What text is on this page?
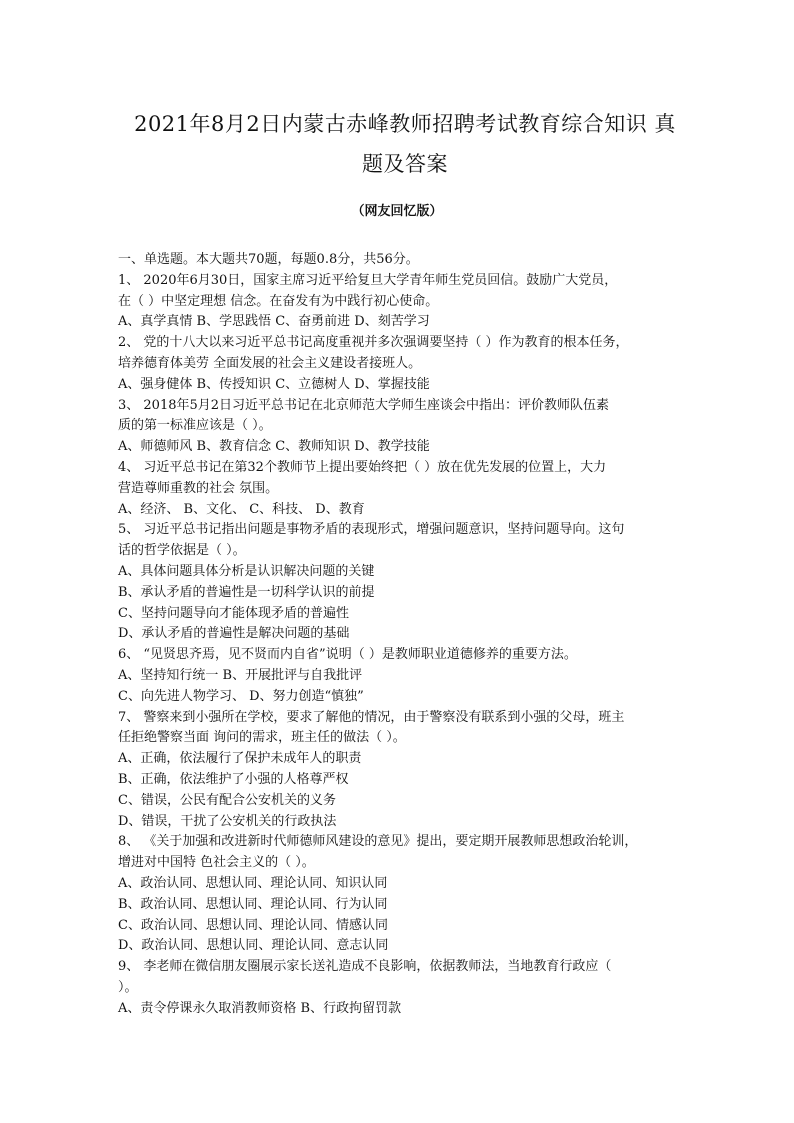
2021年8月2日内蒙古赤峰教师招聘考试教育综合知识 真
题及答案
（网友回忆版）
一、单选题。本大题共70题，每题0.8分，共56分。
1、 2020年6月30日，国家主席习近平给复旦大学青年师生党员回信。鼓励广大党员，
在（ ）中坚定理想 信念。在奋发有为中践行初心使命。
A、真学真情 B、学思践悟 C、奋勇前进 D、刻苦学习
2、 党的十八大以来习近平总书记高度重视并多次强调要坚持（ ）作为教育的根本任务，
培养德育体美劳 全面发展的社会主义建设者接班人。
A、强身健体 B、传授知识 C、立德树人 D、掌握技能
3、 2018年5月2日习近平总书记在北京师范大学师生座谈会中指出：评价教师队伍素
质的第一标准应该是（ ）。
A、师德师风 B、教育信念 C、教师知识 D、教学技能
4、 习近平总书记在第32个教师节上提出要始终把（ ）放在优先发展的位置上，大力
营造尊师重教的社会 氛围。
A、经济、 B、文化、 C、科技、 D、教育
5、 习近平总书记指出问题是事物矛盾的表现形式，增强问题意识，坚持问题导向。这句
话的哲学依据是（ ）。
A、具体问题具体分析是认识解决问题的关键
B、承认矛盾的普遍性是一切科学认识的前提
C、坚持问题导向才能体现矛盾的普遍性
D、承认矛盾的普遍性是解决问题的基础
6、 “见贤思齐焉，见不贤而内自省”说明（ ）是教师职业道德修养的重要方法。
A、坚持知行统一 B、开展批评与自我批评
C、向先进人物学习、 D、努力创造“慎独”
7、 警察来到小强所在学校，要求了解他的情况，由于警察没有联系到小强的父母，班主
任拒绝警察当面 询问的需求，班主任的做法（ ）。
A、正确，依法履行了保护未成年人的职责
B、正确，依法维护了小强的人格尊严权
C、错误，公民有配合公安机关的义务
D、错误，干扰了公安机关的行政执法
8、 《关于加强和改进新时代师德师风建设的意见》提出，要定期开展教师思想政治轮训，
增进对中国特 色社会主义的（ ）。
A、政治认同、思想认同、理论认同、知识认同
B、政治认同、思想认同、理论认同、行为认同
C、政治认同、思想认同、理论认同、情感认同
D、政治认同、思想认同、理论认同、意志认同
9、 李老师在微信朋友圈展示家长送礼造成不良影响，依据教师法，当地教育行政应（
）。
A、责令停课永久取消教师资格 B、行政拘留罚款
